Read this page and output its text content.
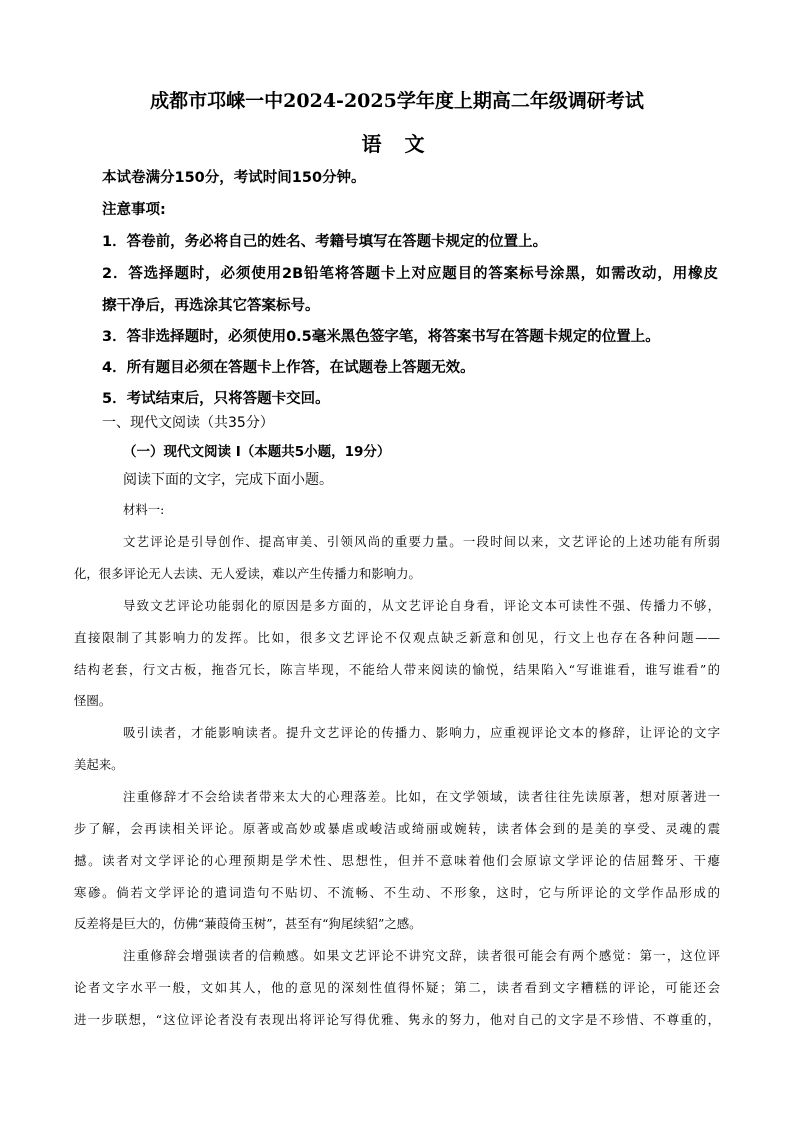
成都市邛崃一中2024-2025学年度上期高二年级调研考试
语 文
本试卷满分150分，考试时间150分钟。
注意事项:
1．答卷前，务必将自己的姓名、考籍号填写在答题卡规定的位置上。
2．答选择题时，必须使用2B铅笔将答题卡上对应题目的答案标号涂黑，如需改动，用橡皮
擦干净后，再选涂其它答案标号。
3．答非选择题时，必须使用0.5毫米黑色签字笔，将答案书写在答题卡规定的位置上。
4．所有题目必须在答题卡上作答，在试题卷上答题无效。
5．考试结束后，只将答题卡交回。
一、现代文阅读（共35分）
（一）现代文阅读 I（本题共5小题，19分）
阅读下面的文字，完成下面小题。
材料一:
文艺评论是引导创作、提高审美、引领风尚的重要力量。一段时间以来，文艺评论的上述功能有所弱
化，很多评论无人去读、无人爱读，难以产生传播力和影响力。
导致文艺评论功能弱化的原因是多方面的，从文艺评论自身看，评论文本可读性不强、传播力不够，
直接限制了其影响力的发挥。比如，很多文艺评论不仅观点缺乏新意和创见，行文上也存在各种问题——
结构老套，行文古板，拖沓冗长，陈言毕现，不能给人带来阅读的愉悦，结果陷入“写谁谁看，谁写谁看”的
怪圈。
吸引读者，才能影响读者。提升文艺评论的传播力、影响力，应重视评论文本的修辞，让评论的文字
美起来。
注重修辞才不会给读者带来太大的心理落差。比如，在文学领域，读者往往先读原著，想对原著进一
步了解，会再读相关评论。原著或高妙或暴虐或峻洁或绮丽或婉转，读者体会到的是美的享受、灵魂的震
撼。读者对文学评论的心理预期是学术性、思想性，但并不意味着他们会原谅文学评论的佶屈聱牙、干瘪
寒碜。倘若文学评论的遣词造句不贴切、不流畅、不生动、不形象，这时，它与所评论的文学作品形成的
反差将是巨大的，仿佛“蒹葭倚玉树”，甚至有“狗尾续貂”之感。
注重修辞会增强读者的信赖感。如果文艺评论不讲究文辞，读者很可能会有两个感觉：第一，这位评
论者文字水平一般，文如其人，他的意见的深刻性值得怀疑；第二，读者看到文字糟糕的评论，可能还会
进一步联想，“这位评论者没有表现出将评论写得优雅、隽永的努力，他对自己的文字是不珍惜、不尊重的，
